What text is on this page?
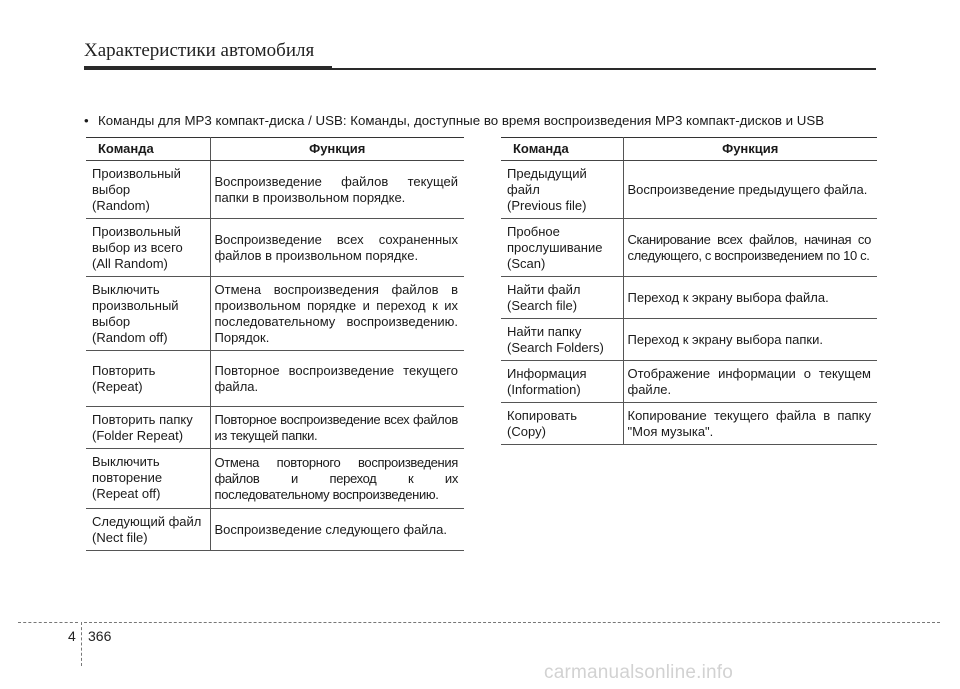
Характеристики автомобиля
• Команды для MP3 компакт-диска / USB: Команды, доступные во время воспроизведения MP3 компакт-дисков и USB
Команда	Функция

Произвольный
выбор
(Random)	Воспроизведение файлов текущей папки в произвольном порядке.

Произвольный
выбор из всего
(All Random)	Воспроизведение всех сохраненных файлов в произвольном порядке.

Выключить
произвольный
выбор
(Random off)	Отмена воспроизведения файлов в произвольном порядке и переход к их последовательному воспроизведению. Порядок.

Повторить
(Repeat)	Повторное воспроизведение текущего файла.

Повторить папку
(Folder Repeat)	Повторное воспроизведение всех файлов из текущей папки.

Выключить
повторение
(Repeat off)	Отмена повторного воспроизведения файлов и переход к их последовательному воспроизведению.

Следующий файл
(Nect file)	Воспроизведение следующего файла.
Команда	Функция

Предыдущий
файл
(Previous file)	Воспроизведение предыдущего файла.

Пробное
прослушивание
(Scan)	Сканирование всех файлов, начиная со следующего, с воспроизведением по 10 с.

Найти файл
(Search file)	Переход к экрану выбора файла.

Найти папку
(Search Folders)	Переход к экрану выбора папки.

Информация
(Information)	Отображение информации о текущем файле.

Копировать
(Copy)	Копирование текущего файла в папку "Моя музыка".
4 366
carmanualsonline.info
